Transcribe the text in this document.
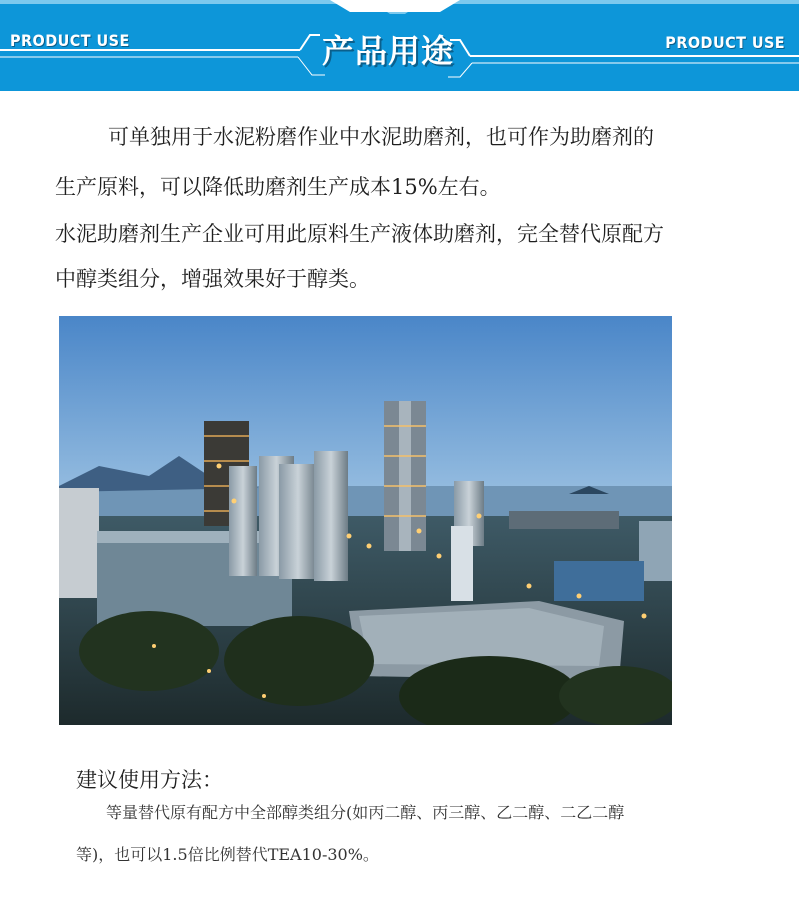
PRODUCT USE	产品用途	PRODUCT USE
可单独用于水泥粉磨作业中水泥助磨剂，也可作为助磨剂的
生产原料，可以降低助磨剂生产成本15%左右。
水泥助磨剂生产企业可用此原料生产液体助磨剂，完全替代原配方
中醇类组分，增强效果好于醇类。
建议使用方法：
等量替代原有配方中全部醇类组分(如丙二醇、丙三醇、乙二醇、二乙二醇
等)，也可以1.5倍比例替代TEA10-30%。
